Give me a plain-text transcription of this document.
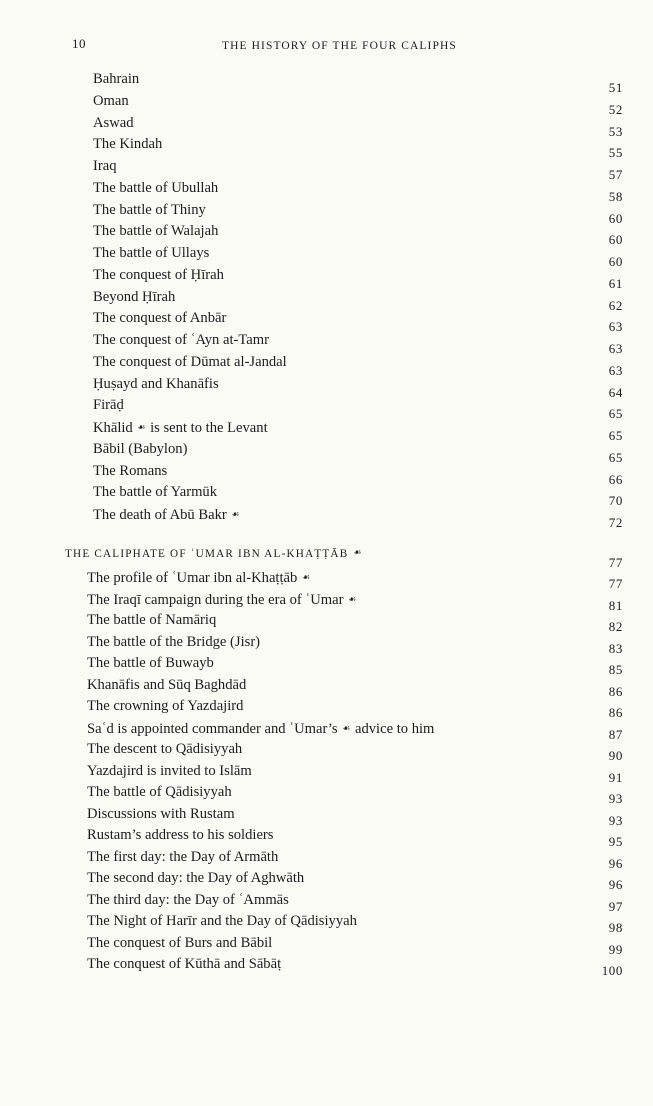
10	THE HISTORY OF THE FOUR CALIPHS
Bahrain
51
Oman
52
Aswad
53
The Kindah
55
Iraq
57
The battle of Ubullah
58
The battle of Thiny
60
The battle of Walajah
60
The battle of Ullays
60
The conquest of Ḥīrah
61
Beyond Ḥīrah
62
The conquest of Anbār
63
The conquest of ʿAyn at-Tamr
63
The conquest of Dūmat al-Jandal
63
Ḥuṣayd and Khanāfis
64
Firāḍ
65
Khālid ☙ is sent to the Levant	65
Bābil (Babylon)
65
The Romans
66
The battle of Yarmūk
70
The death of Abū Bakr ☙
72
THE CALIPHATE OF ʿUMAR IBN AL-KHAṬṬĀB ☙
77
The profile of ʿUmar ibn al-Khaṭṭāb ☙	77
The Iraqī campaign during the era of ʿUmar ☙	81
The battle of Namāriq	82
The battle of the Bridge (Jisr)	83
The battle of Buwayb	85
Khanāfis and Sūq Baghdād	86
The crowning of Yazdajird	86
Saʿd is appointed commander and ʿUmar’s ☙ advice to him	87
The descent to Qādisiyyah	90
Yazdajird is invited to Islām	91
The battle of Qādisiyyah	93
Discussions with Rustam	93
Rustam’s address to his soldiers	95
The first day: the Day of Armāth	96
The second day: the Day of Aghwāth	96
The third day: the Day of ʿAmmās	97
The Night of Harīr and the Day of Qādisiyyah	98
The conquest of Burs and Bābil	99
The conquest of Kūthā and Sābāṭ	100
